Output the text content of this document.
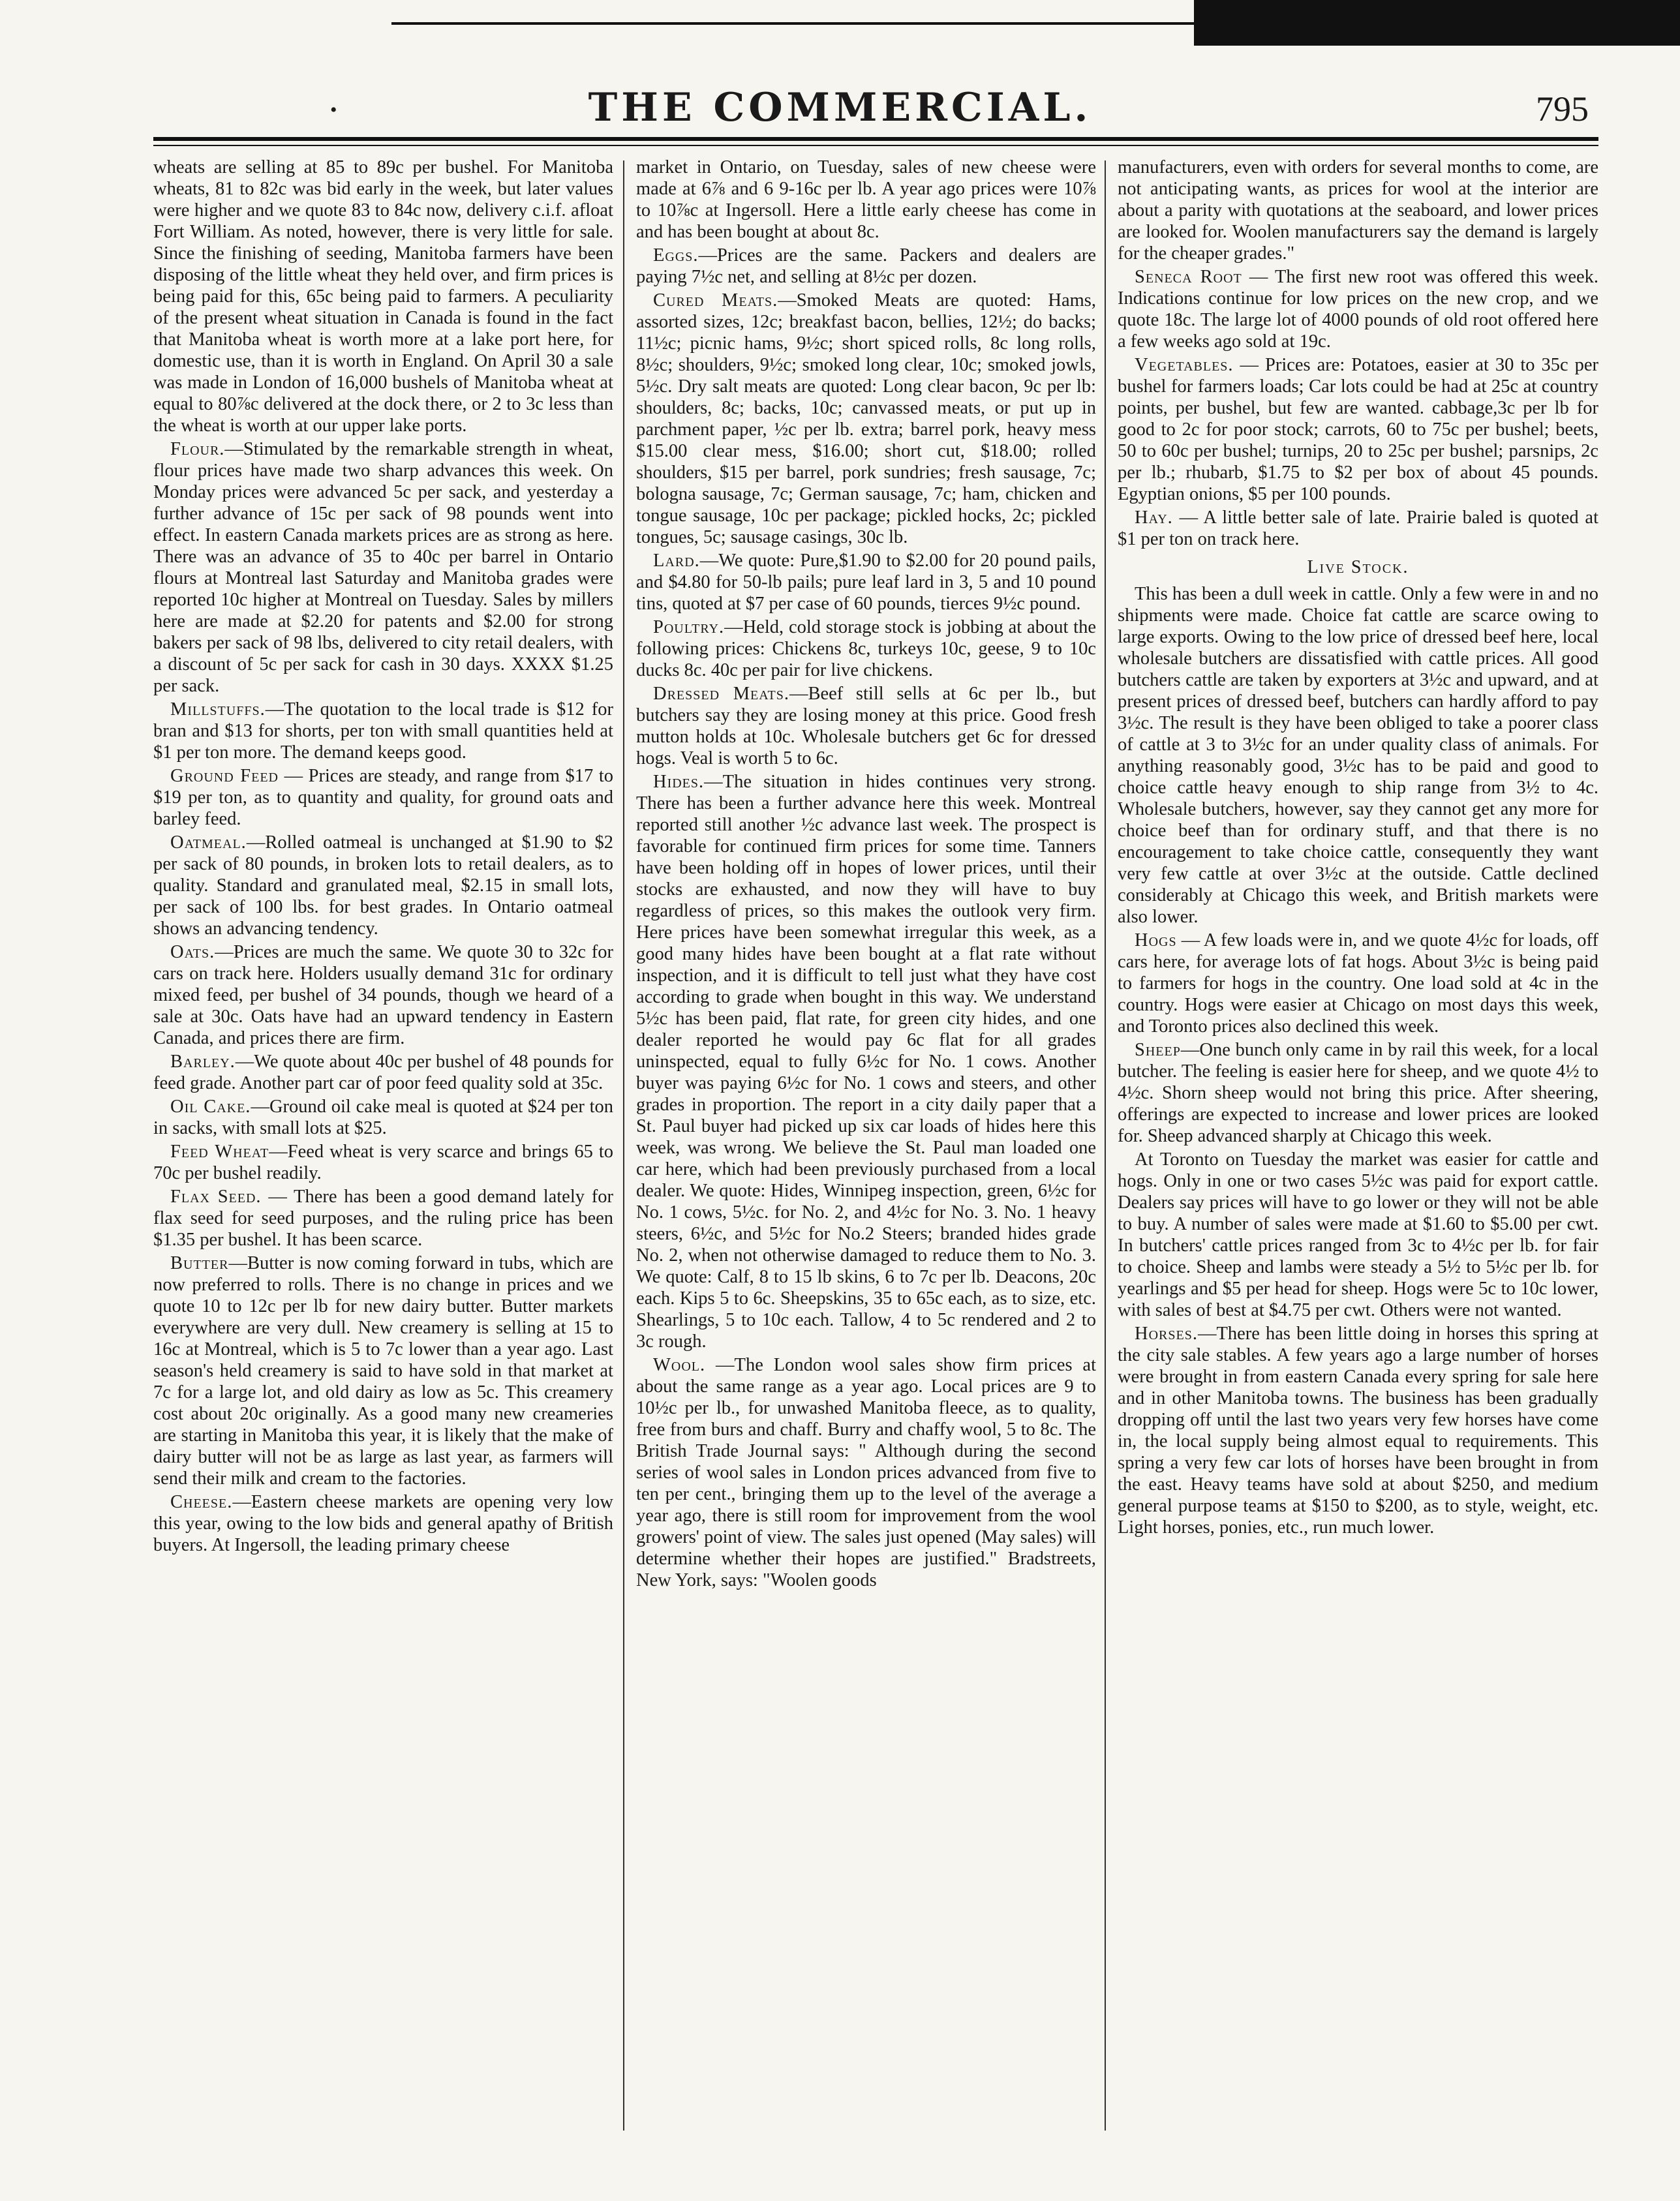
•	THE COMMERCIAL.	795

wheats are selling at 85 to 89c per bushel. For Manitoba wheats, 81 to 82c was bid early in the week, but later values were higher and we quote 83 to 84c now, delivery c.i.f. afloat Fort William. As noted, however, there is very little for sale. Since the finishing of seeding, Manitoba farmers have been disposing of the little wheat they held over, and firm prices is being paid for this, 65c being paid to farmers. A peculiarity of the present wheat situation in Canada is found in the fact that Manitoba wheat is worth more at a lake port here, for domestic use, than it is worth in England. On April 30 a sale was made in London of 16,000 bushels of Manitoba wheat at equal to 80⅞c delivered at the dock there, or 2 to 3c less than the wheat is worth at our upper lake ports.

Flour.—Stimulated by the remarkable strength in wheat, flour prices have made two sharp advances this week. On Monday prices were advanced 5c per sack, and yesterday a further advance of 15c per sack of 98 pounds went into effect. In eastern Canada markets prices are as strong as here. There was an advance of 35 to 40c per barrel in Ontario flours at Montreal last Saturday and Manitoba grades were reported 10c higher at Montreal on Tuesday. Sales by millers here are made at $2.20 for patents and $2.00 for strong bakers per sack of 98 lbs, delivered to city retail dealers, with a discount of 5c per sack for cash in 30 days. XXXX $1.25 per sack.

Millstuffs.—The quotation to the local trade is $12 for bran and $13 for shorts, per ton with small quantities held at $1 per ton more. The demand keeps good.

Ground Feed — Prices are steady, and range from $17 to $19 per ton, as to quantity and quality, for ground oats and barley feed.

Oatmeal.—Rolled oatmeal is unchanged at $1.90 to $2 per sack of 80 pounds, in broken lots to retail dealers, as to quality. Standard and granulated meal, $2.15 in small lots, per sack of 100 lbs. for best grades. In Ontario oatmeal shows an advancing tendency.

Oats.—Prices are much the same. We quote 30 to 32c for cars on track here. Holders usually demand 31c for ordinary mixed feed, per bushel of 34 pounds, though we heard of a sale at 30c. Oats have had an upward tendency in Eastern Canada, and prices there are firm.

Barley.—We quote about 40c per bushel of 48 pounds for feed grade. Another part car of poor feed quality sold at 35c.

Oil Cake.—Ground oil cake meal is quoted at $24 per ton in sacks, with small lots at $25.

Feed Wheat—Feed wheat is very scarce and brings 65 to 70c per bushel readily.

Flax Seed. — There has been a good demand lately for flax seed for seed purposes, and the ruling price has been $1.35 per bushel. It has been scarce.

Butter—Butter is now coming forward in tubs, which are now preferred to rolls. There is no change in prices and we quote 10 to 12c per lb for new dairy butter. Butter markets everywhere are very dull. New creamery is selling at 15 to 16c at Montreal, which is 5 to 7c lower than a year ago. Last season's held creamery is said to have sold in that market at 7c for a large lot, and old dairy as low as 5c. This creamery cost about 20c originally. As a good many new creameries are starting in Manitoba this year, it is likely that the make of dairy butter will not be as large as last year, as farmers will send their milk and cream to the factories.

Cheese.—Eastern cheese markets are opening very low this year, owing to the low bids and general apathy of British buyers. At Ingersoll, the leading primary cheese

market in Ontario, on Tuesday, sales of new cheese were made at 6⅞ and 6 9-16c per lb. A year ago prices were 10⅞ to 10⅞c at Ingersoll. Here a little early cheese has come in and has been bought at about 8c.

Eggs.—Prices are the same. Packers and dealers are paying 7½c net, and selling at 8½c per dozen.

Cured Meats.—Smoked Meats are quoted: Hams, assorted sizes, 12c; breakfast bacon, bellies, 12½; do backs; 11½c; picnic hams, 9½c; short spiced rolls, 8c long rolls, 8½c; shoulders, 9½c; smoked long clear, 10c; smoked jowls, 5½c. Dry salt meats are quoted: Long clear bacon, 9c per lb: shoulders, 8c; backs, 10c; canvassed meats, or put up in parchment paper, ½c per lb. extra; barrel pork, heavy mess $15.00 clear mess, $16.00; short cut, $18.00; rolled shoulders, $15 per barrel, pork sundries; fresh sausage, 7c; bologna sausage, 7c; German sausage, 7c; ham, chicken and tongue sausage, 10c per package; pickled hocks, 2c; pickled tongues, 5c; sausage casings, 30c lb.

Lard.—We quote: Pure,$1.90 to $2.00 for 20 pound pails, and $4.80 for 50-lb pails; pure leaf lard in 3, 5 and 10 pound tins, quoted at $7 per case of 60 pounds, tierces 9½c pound.

Poultry.—Held, cold storage stock is jobbing at about the following prices: Chickens 8c, turkeys 10c, geese, 9 to 10c ducks 8c. 40c per pair for live chickens.

Dressed Meats.—Beef still sells at 6c per lb., but butchers say they are losing money at this price. Good fresh mutton holds at 10c. Wholesale butchers get 6c for dressed hogs. Veal is worth 5 to 6c.

Hides.—The situation in hides continues very strong. There has been a further advance here this week. Montreal reported still another ½c advance last week. The prospect is favorable for continued firm prices for some time. Tanners have been holding off in hopes of lower prices, until their stocks are exhausted, and now they will have to buy regardless of prices, so this makes the outlook very firm. Here prices have been somewhat irregular this week, as a good many hides have been bought at a flat rate without inspection, and it is difficult to tell just what they have cost according to grade when bought in this way. We understand 5½c has been paid, flat rate, for green city hides, and one dealer reported he would pay 6c flat for all grades uninspected, equal to fully 6½c for No. 1 cows. Another buyer was paying 6½c for No. 1 cows and steers, and other grades in proportion. The report in a city daily paper that a St. Paul buyer had picked up six car loads of hides here this week, was wrong. We believe the St. Paul man loaded one car here, which had been previously purchased from a local dealer. We quote: Hides, Winnipeg inspection, green, 6½c for No. 1 cows, 5½c. for No. 2, and 4½c for No. 3. No. 1 heavy steers, 6½c, and 5½c for No.2 Steers; branded hides grade No. 2, when not otherwise damaged to reduce them to No. 3. We quote: Calf, 8 to 15 lb skins, 6 to 7c per lb. Deacons, 20c each. Kips 5 to 6c. Sheepskins, 35 to 65c each, as to size, etc. Shearlings, 5 to 10c each. Tallow, 4 to 5c rendered and 2 to 3c rough.

Wool. —The London wool sales show firm prices at about the same range as a year ago. Local prices are 9 to 10½c per lb., for unwashed Manitoba fleece, as to quality, free from burs and chaff. Burry and chaffy wool, 5 to 8c. The British Trade Journal says: " Although during the second series of wool sales in London prices advanced from five to ten per cent., bringing them up to the level of the average a year ago, there is still room for improvement from the wool growers' point of view. The sales just opened (May sales) will determine whether their hopes are justified." Bradstreets, New York, says: "Woolen goods

manufacturers, even with orders for several months to come, are not anticipating wants, as prices for wool at the interior are about a parity with quotations at the seaboard, and lower prices are looked for. Woolen manufacturers say the demand is largely for the cheaper grades."

Seneca Root — The first new root was offered this week. Indications continue for low prices on the new crop, and we quote 18c. The large lot of 4000 pounds of old root offered here a few weeks ago sold at 19c.

Vegetables. — Prices are: Potatoes, easier at 30 to 35c per bushel for farmers loads; Car lots could be had at 25c at country points, per bushel, but few are wanted. cabbage,3c per lb for good to 2c for poor stock; carrots, 60 to 75c per bushel; beets, 50 to 60c per bushel; turnips, 20 to 25c per bushel; parsnips, 2c per lb.; rhubarb, $1.75 to $2 per box of about 45 pounds. Egyptian onions, $5 per 100 pounds.

Hay. — A little better sale of late. Prairie baled is quoted at $1 per ton on track here.

Live Stock.

This has been a dull week in cattle. Only a few were in and no shipments were made. Choice fat cattle are scarce owing to large exports. Owing to the low price of dressed beef here, local wholesale butchers are dissatisfied with cattle prices. All good butchers cattle are taken by exporters at 3½c and upward, and at present prices of dressed beef, butchers can hardly afford to pay 3½c. The result is they have been obliged to take a poorer class of cattle at 3 to 3½c for an under quality class of animals. For anything reasonably good, 3½c has to be paid and good to choice cattle heavy enough to ship range from 3½ to 4c. Wholesale butchers, however, say they cannot get any more for choice beef than for ordinary stuff, and that there is no encouragement to take choice cattle, consequently they want very few cattle at over 3½c at the outside. Cattle declined considerably at Chicago this week, and British markets were also lower.

Hogs — A few loads were in, and we quote 4½c for loads, off cars here, for average lots of fat hogs. About 3½c is being paid to farmers for hogs in the country. One load sold at 4c in the country. Hogs were easier at Chicago on most days this week, and Toronto prices also declined this week.

Sheep—One bunch only came in by rail this week, for a local butcher. The feeling is easier here for sheep, and we quote 4½ to 4½c. Shorn sheep would not bring this price. After sheering, offerings are expected to increase and lower prices are looked for. Sheep advanced sharply at Chicago this week.

At Toronto on Tuesday the market was easier for cattle and hogs. Only in one or two cases 5½c was paid for export cattle. Dealers say prices will have to go lower or they will not be able to buy. A number of sales were made at $1.60 to $5.00 per cwt. In butchers' cattle prices ranged from 3c to 4½c per lb. for fair to choice. Sheep and lambs were steady a 5½ to 5½c per lb. for yearlings and $5 per head for sheep. Hogs were 5c to 10c lower, with sales of best at $4.75 per cwt. Others were not wanted.

Horses.—There has been little doing in horses this spring at the city sale stables. A few years ago a large number of horses were brought in from eastern Canada every spring for sale here and in other Manitoba towns. The business has been gradually dropping off until the last two years very few horses have come in, the local supply being almost equal to requirements. This spring a very few car lots of horses have been brought in from the east. Heavy teams have sold at about $250, and medium general purpose teams at $150 to $200, as to style, weight, etc. Light horses, ponies, etc., run much lower.
